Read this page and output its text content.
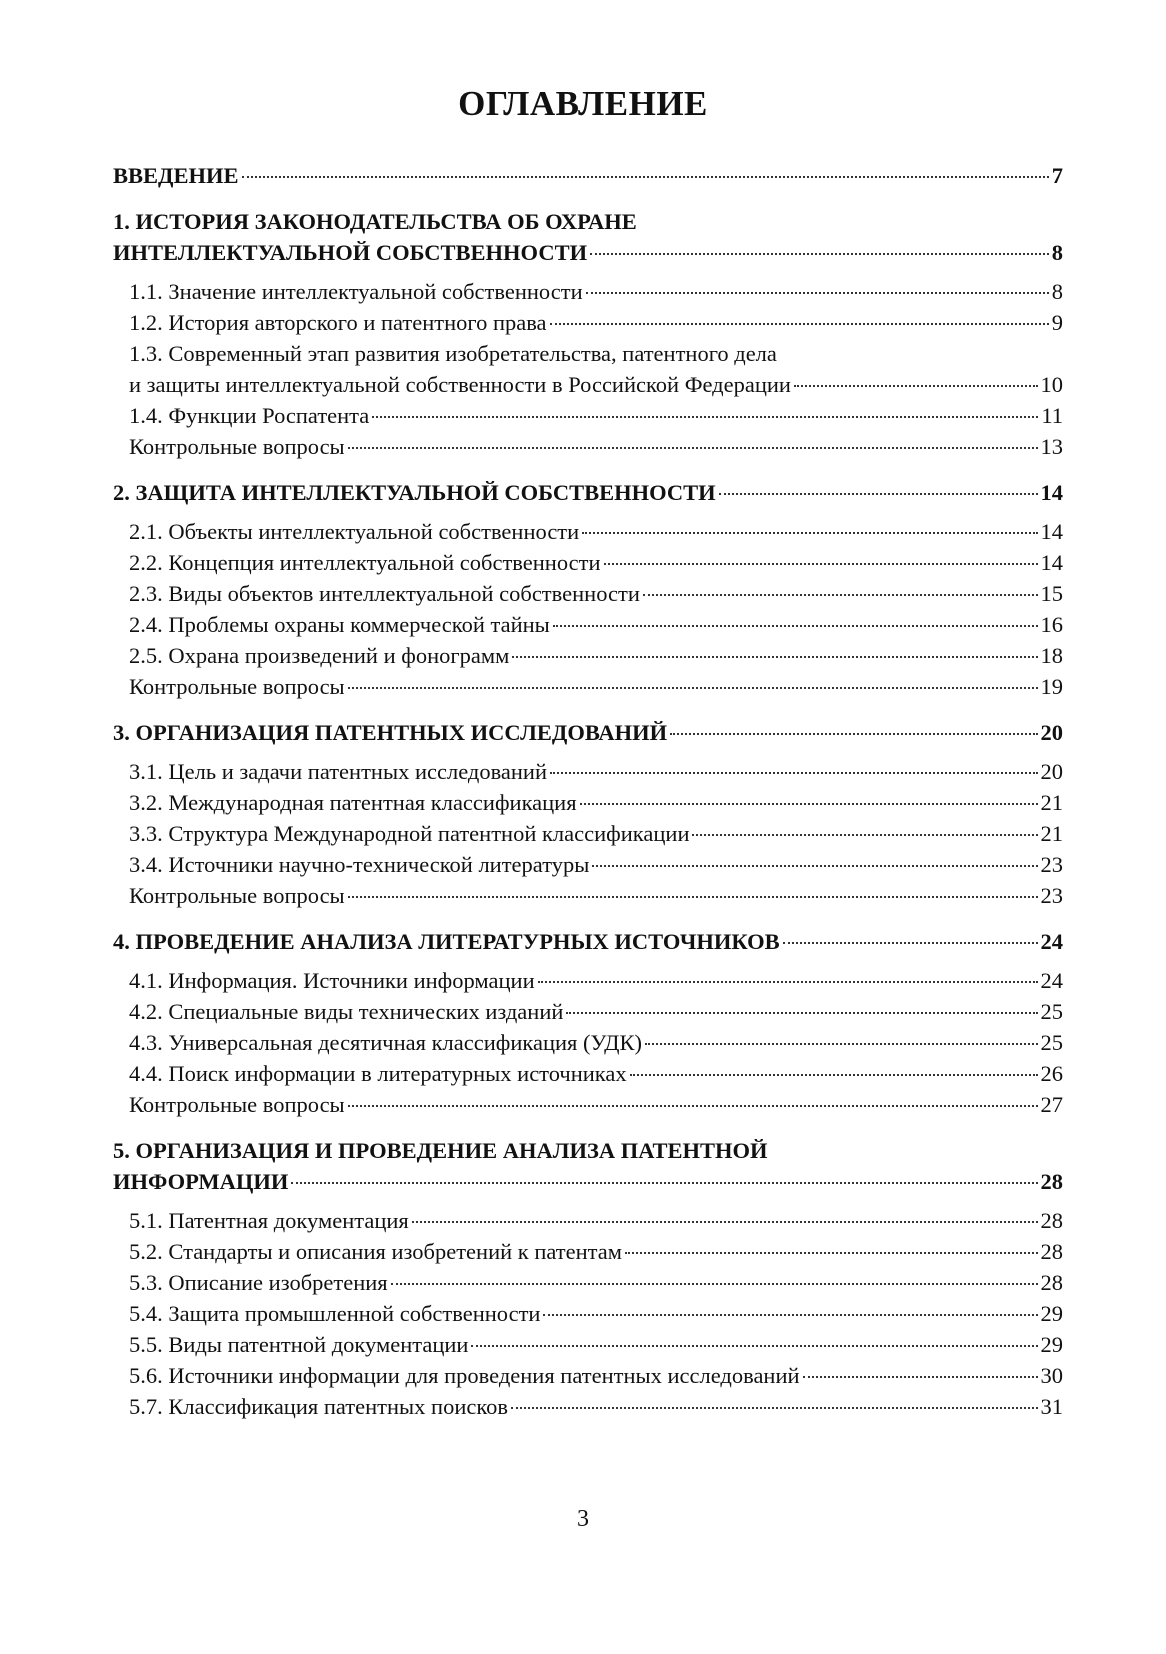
ОГЛАВЛЕНИЕ
ВВЕДЕНИЕ	7
1. ИСТОРИЯ ЗАКОНОДАТЕЛЬСТВА ОБ ОХРАНЕ
ИНТЕЛЛЕКТУАЛЬНОЙ СОБСТВЕННОСТИ	8
1.1. Значение интеллектуальной собственности	8
1.2. История авторского и патентного права	9
1.3. Современный этап развития изобретательства, патентного дела
и защиты интеллектуальной собственности в Российской Федерации	10
1.4. Функции Роспатента	11
Контрольные вопросы	13
2. ЗАЩИТА ИНТЕЛЛЕКТУАЛЬНОЙ СОБСТВЕННОСТИ	14
2.1. Объекты интеллектуальной собственности	14
2.2. Концепция интеллектуальной собственности	14
2.3. Виды объектов интеллектуальной собственности	15
2.4. Проблемы охраны коммерческой тайны	16
2.5. Охрана произведений и фонограмм	18
Контрольные вопросы	19
3. ОРГАНИЗАЦИЯ ПАТЕНТНЫХ ИССЛЕДОВАНИЙ	20
3.1. Цель и задачи патентных исследований	20
3.2. Международная патентная классификация	21
3.3. Структура Международной патентной классификации	21
3.4. Источники научно-технической литературы	23
Контрольные вопросы	23
4. ПРОВЕДЕНИЕ АНАЛИЗА ЛИТЕРАТУРНЫХ ИСТОЧНИКОВ	24
4.1. Информация. Источники информации	24
4.2. Специальные виды технических изданий	25
4.3. Универсальная десятичная классификация (УДК)	25
4.4. Поиск информации в литературных источниках	26
Контрольные вопросы	27
5. ОРГАНИЗАЦИЯ И ПРОВЕДЕНИЕ АНАЛИЗА ПАТЕНТНОЙ
ИНФОРМАЦИИ	28
5.1. Патентная документация	28
5.2. Стандарты и описания изобретений к патентам	28
5.3. Описание изобретения	28
5.4. Защита промышленной собственности	29
5.5. Виды патентной документации	29
5.6. Источники информации для проведения патентных исследований	30
5.7. Классификация патентных поисков	31
3
